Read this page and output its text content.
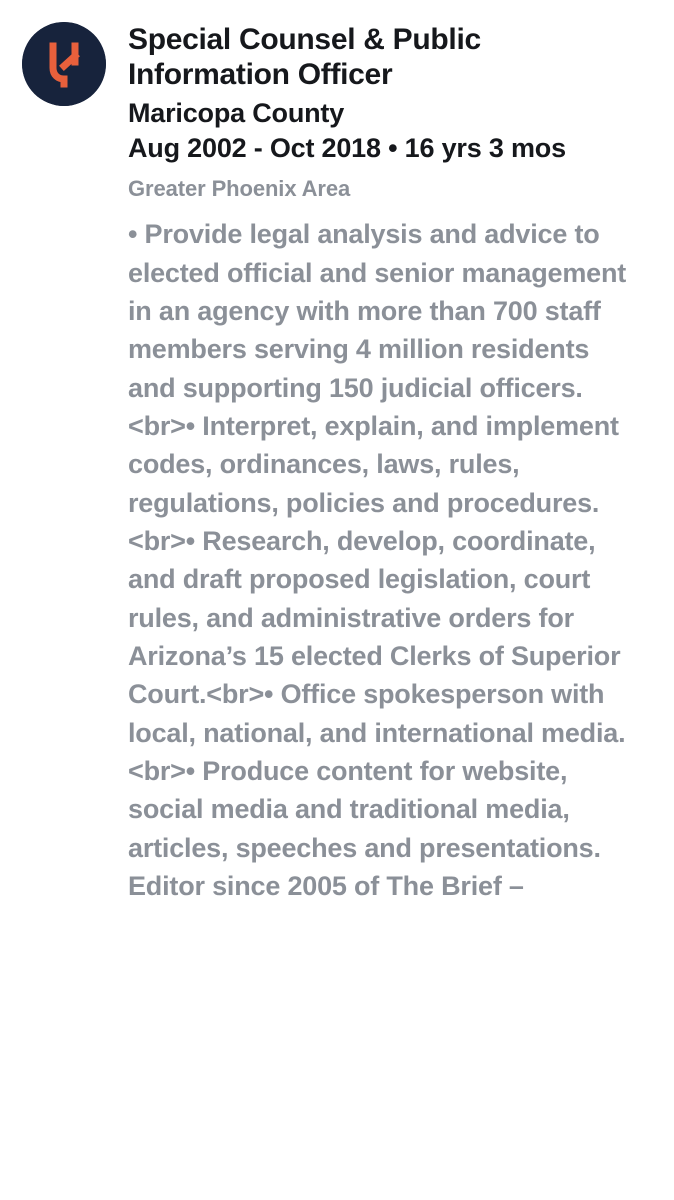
Special Counsel & Public Information Officer
Maricopa County
Aug 2002 - Oct 2018 • 16 yrs 3 mos
Greater Phoenix Area
• Provide legal analysis and advice to elected official and senior management in an agency with more than 700 staff members serving 4 million residents and supporting 150 judicial officers.<br>• Interpret, explain, and implement codes, ordinances, laws, rules, regulations, policies and procedures.<br>• Research, develop, coordinate, and draft proposed legislation, court rules, and administrative orders for Arizona’s 15 elected Clerks of Superior Court.<br>• Office spokesperson with local, national, and international media.<br>• Produce content for website, social media and traditional media, articles, speeches and presentations. Editor since 2005 of The Brief –
